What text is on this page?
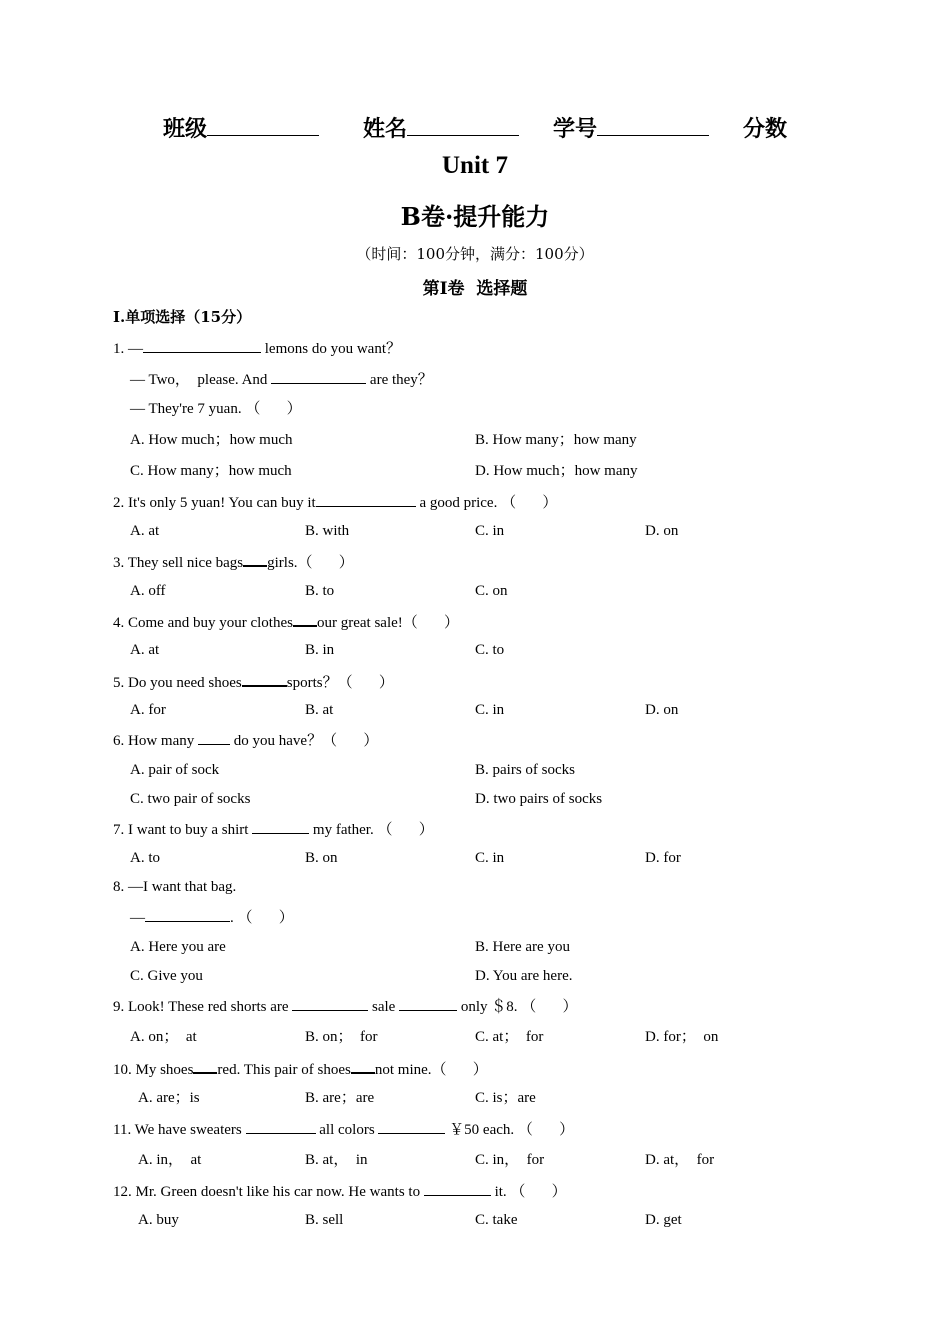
班级	姓名	学号	分数
Unit 7
B卷·提升能力
（时间：100分钟，满分：100分）
第Ⅰ卷  选择题
Ⅰ.单项选择（15分）
1. —	lemons do you want？
— Two，  please. And	are they？
— They're 7 yuan. （       ）
A. How much；how much	B. How many；how many
C. How many；how much	D. How much；how many
2. It's only 5 yuan! You can buy it	a good price. （       ）
A. at	B. with	C. in	D. on
3. They sell nice bags girls.（       ）
A. off	B. to	C. on
4. Come and buy your clothes our great sale!（       ）
A. at	B. in	C. to
5. Do you need shoes	sports？（       ）
A. for	B. at	C. in	D. on
6. How many  do you have？（       ）
A. pair of sock	B. pairs of socks
C. two pair of socks	D. two pairs of socks
7. I want to buy a shirt	my father. （       ）
A. to	B. on	C. in	D. for
8. —I want that bag.
—	. （       ）
A. Here you are	B. Here are you
C. Give you	D. You are here.
9. Look! These red shorts are	sale	only ＄8. （       ）
A. on；  at	B. on；  for	C. at；  for	D. for；  on
10. My shoes red. This pair of shoes not mine.（       ）
A. are；is	B. are；are	C. is；are
11. We have sweaters	all colors	￥50 each. （       ）
A. in，  at	B. at，  in	C. in，  for	D. at，  for
12. Mr. Green doesn't like his car now. He wants to	it. （       ）
A. buy	B. sell	C. take	D. get
